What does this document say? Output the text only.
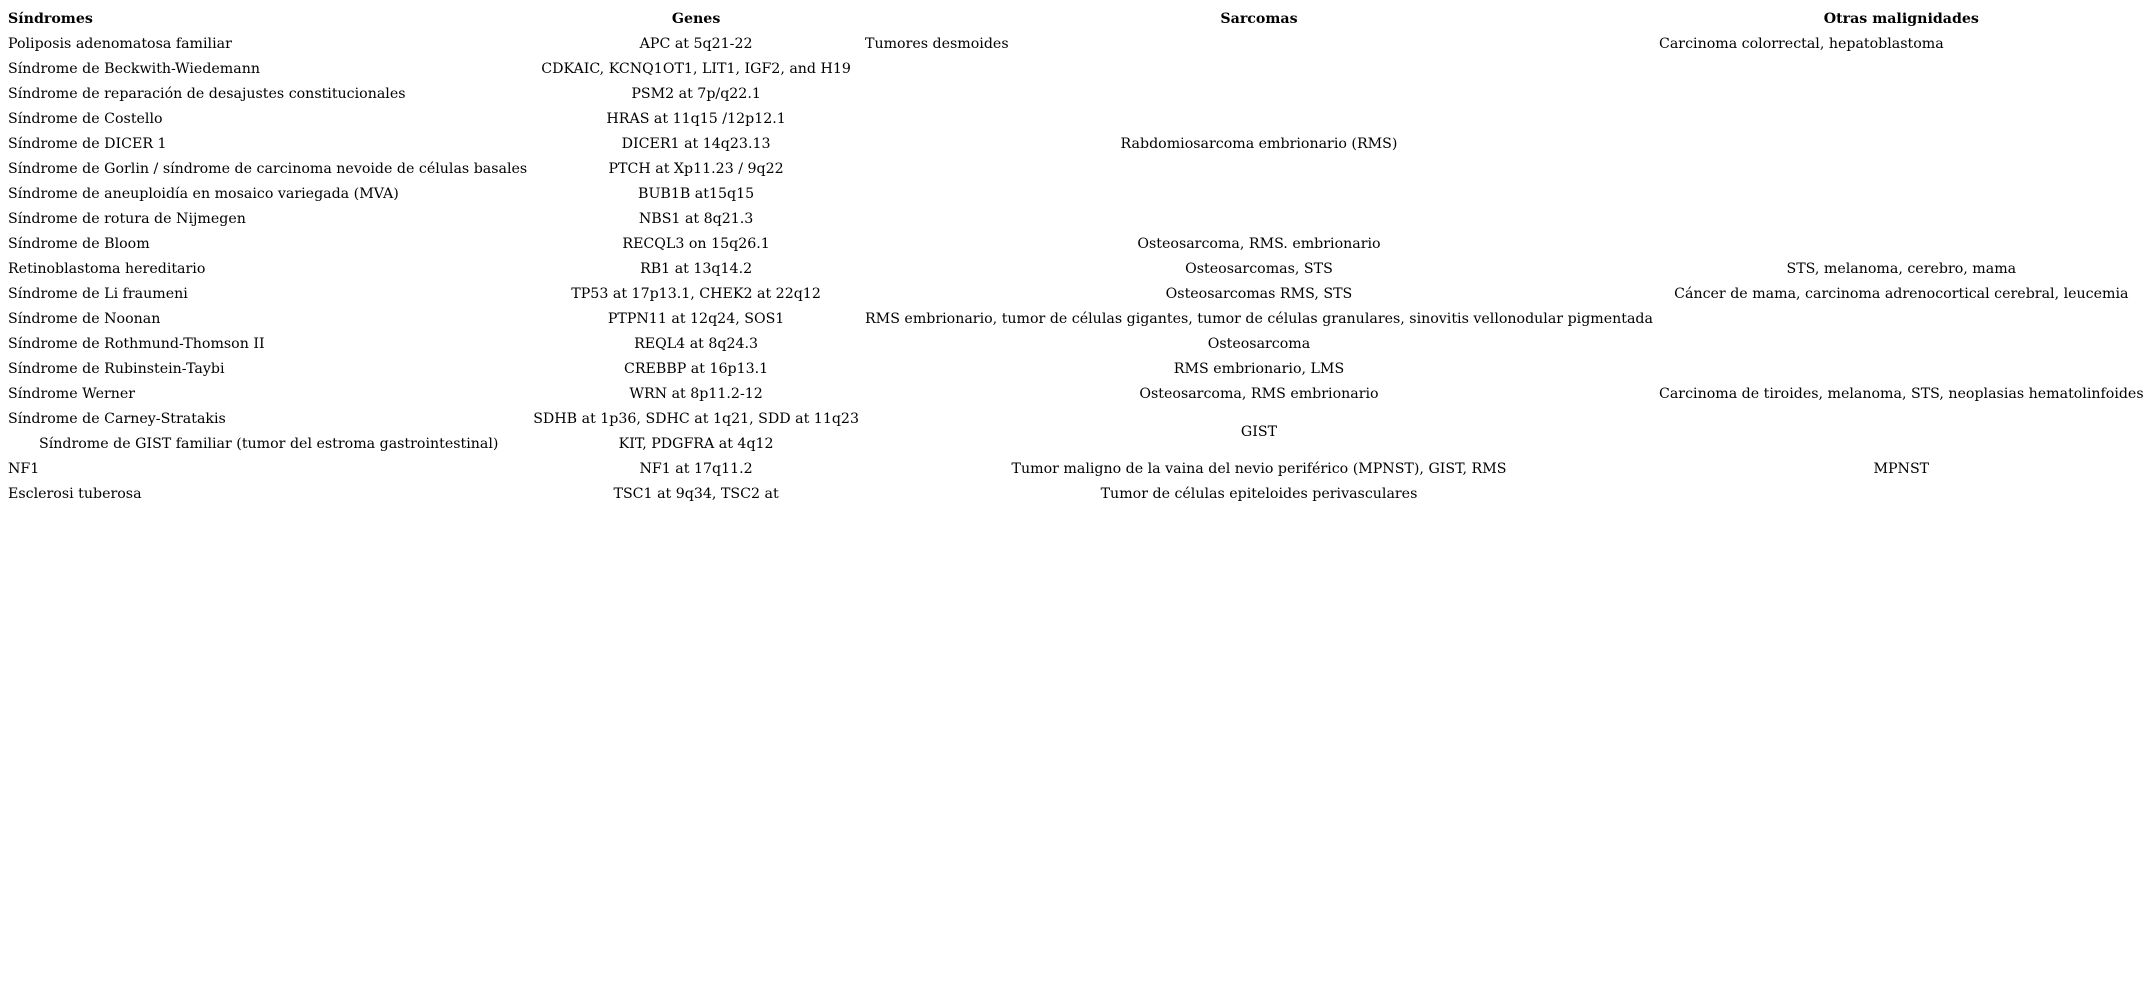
Síndromes	Genes	Sarcomas	Otras malignidades
Poliposis adenomatosa familiar	APC at 5q21-22	Tumores desmoides	Carcinoma colorrectal, hepatoblastoma
Síndrome de Beckwith-Wiedemann	CDKAIC, KCNQ1OT1, LIT1, IGF2, and H19		
Síndrome de reparación de desajustes constitucionales	PSM2 at 7p/q22.1		
Síndrome de Costello	HRAS at 11q15 /12p12.1		
Síndrome de DICER 1	DICER1 at 14q23.13	Rabdomiosarcoma embrionario (RMS)	
Síndrome de Gorlin / síndrome de carcinoma nevoide de células basales	PTCH at Xp11.23 / 9q22		
Síndrome de aneuploidía en mosaico variegada (MVA)	BUB1B at15q15		
Síndrome de rotura de Nijmegen	NBS1 at 8q21.3		
Síndrome de Bloom	RECQL3 on 15q26.1	Osteosarcoma, RMS. embrionario	
Retinoblastoma hereditario	RB1 at 13q14.2	Osteosarcomas, STS	STS, melanoma, cerebro, mama
Síndrome de Li fraumeni	TP53 at 17p13.1, CHEK2 at 22q12	Osteosarcomas RMS, STS	Cáncer de mama, carcinoma adrenocortical cerebral, leucemia
Síndrome de Noonan	PTPN11 at 12q24, SOS1	RMS embrionario, tumor de células gigantes, tumor de células granulares, sinovitis vellonodular pigmentada	
Síndrome de Rothmund-Thomson II	REQL4 at 8q24.3	Osteosarcoma	
Síndrome de Rubinstein-Taybi	CREBBP at 16p13.1	RMS embrionario, LMS	
Síndrome Werner	WRN at 8p11.2-12	Osteosarcoma, RMS embrionario	Carcinoma de tiroides, melanoma, STS, neoplasias hematolinfoides
Síndrome de Carney-Stratakis	SDHB at 1p36, SDHC at 1q21, SDD at 11q23	GIST	
Síndrome de GIST familiar (tumor del estroma gastrointestinal)	KIT, PDGFRA at 4q12		
NF1	NF1 at 17q11.2	Tumor maligno de la vaina del nevio periférico (MPNST), GIST, RMS	MPNST
Esclerosi tuberosa	TSC1 at 9q34, TSC2 at	Tumor de células epiteloides perivasculares	
